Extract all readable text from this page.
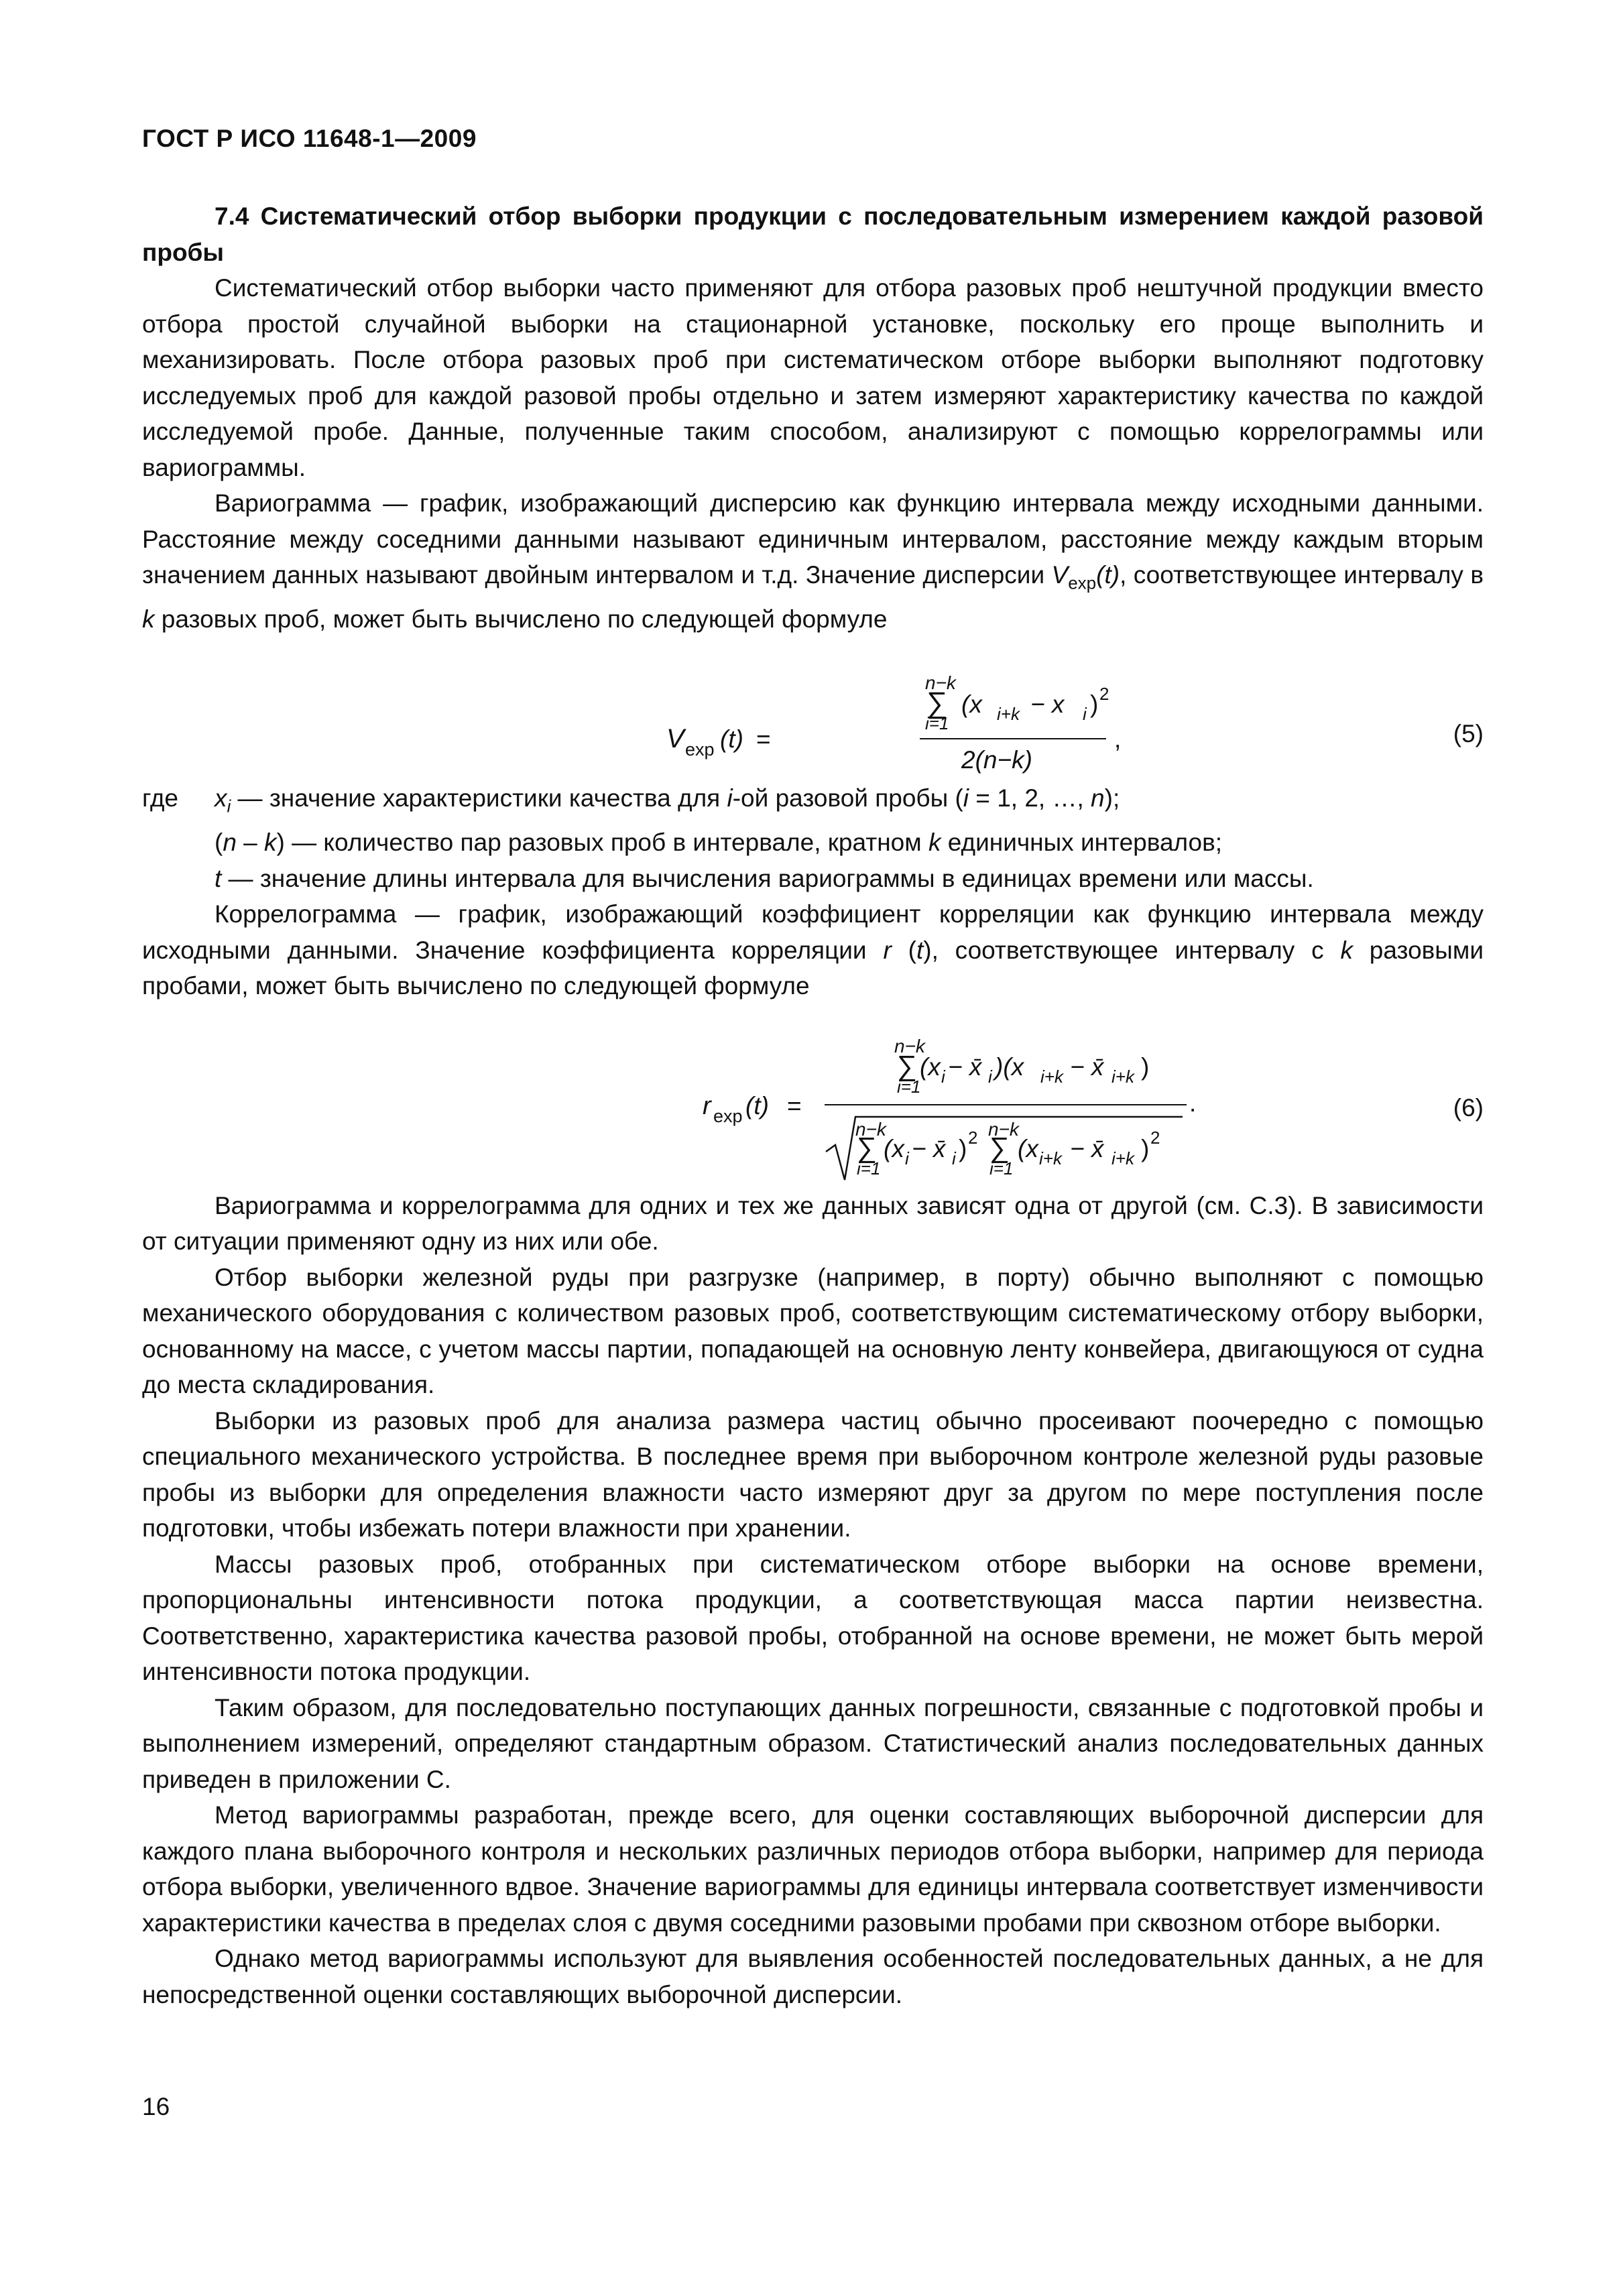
ГОСТ Р ИСО 11648-1—2009

7.4 Систематический отбор выборки продукции с последовательным измерением каждой разовой пробы

Систематический отбор выборки часто применяют для отбора разовых проб нештучной продукции вместо отбора простой случайной выборки на стационарной установке, поскольку его проще выполнить и механизировать. После отбора разовых проб при систематическом отборе выборки выполняют подготовку исследуемых проб для каждой разовой пробы отдельно и затем измеряют характеристику качества по каждой исследуемой пробе. Данные, полученные таким способом, анализируют с помощью коррелограммы или вариограммы.

Вариограмма — график, изображающий дисперсию как функцию интервала между исходными данными. Расстояние между соседними данными называют единичным интервалом, расстояние между каждым вторым значением данных называют двойным интервалом и т.д. Значение дисперсии $V_{exp}(t)$, соответствующее интервалу в k разовых проб, может быть вычислено по следующей формуле

n−k
∑ (x i+k − x i ) 2
i=1
2(n−k)
V exp (t) =	,	(5)
где	$x_i$ — значение характеристики качества для i-ой разовой пробы (i = 1, 2, …, n);
(n – k) — количество пар разовых проб в интервале, кратном k единичных интервалов;
t — значение длины интервала для вычисления вариограммы в единицах времени или массы.

Коррелограмма — график, изображающий коэффициент корреляции как функцию интервала между исходными данными. Значение коэффициента корреляции r (t), соответствующее интервалу с k разовыми пробами, может быть вычислено по следующей формуле

n−k
∑
i=1
(x i − x̄ i )(x i+k − x̄ i+k )
r exp (t) =	.
n−k
∑
i=1
(x i − x̄ i ) 2 n−k
∑
i=1
(x i+k − x̄ i+k ) 2
(6)

Вариограмма и коррелограмма для одних и тех же данных зависят одна от другой (см. С.3). В зависимости от ситуации применяют одну из них или обе.

Отбор выборки железной руды при разгрузке (например, в порту) обычно выполняют с помощью механического оборудования с количеством разовых проб, соответствующим систематическому отбору выборки, основанному на массе, с учетом массы партии, попадающей на основную ленту конвейера, двигающуюся от судна до места складирования.

Выборки из разовых проб для анализа размера частиц обычно просеивают поочередно с помощью специального механического устройства. В последнее время при выборочном контроле железной руды разовые пробы из выборки для определения влажности часто измеряют друг за другом по мере поступления после подготовки, чтобы избежать потери влажности при хранении.

Массы разовых проб, отобранных при систематическом отборе выборки на основе времени, пропорциональны интенсивности потока продукции, а соответствующая масса партии неизвестна. Соответственно, характеристика качества разовой пробы, отобранной на основе времени, не может быть мерой интенсивности потока продукции.

Таким образом, для последовательно поступающих данных погрешности, связанные с подготовкой пробы и выполнением измерений, определяют стандартным образом. Статистический анализ последовательных данных приведен в приложении С.

Метод вариограммы разработан, прежде всего, для оценки составляющих выборочной дисперсии для каждого плана выборочного контроля и нескольких различных периодов отбора выборки, например для периода отбора выборки, увеличенного вдвое. Значение вариограммы для единицы интервала соответствует изменчивости характеристики качества в пределах слоя с двумя соседними разовыми пробами при сквозном отборе выборки.

Однако метод вариограммы используют для выявления особенностей последовательных данных, а не для непосредственной оценки составляющих выборочной дисперсии.

16
